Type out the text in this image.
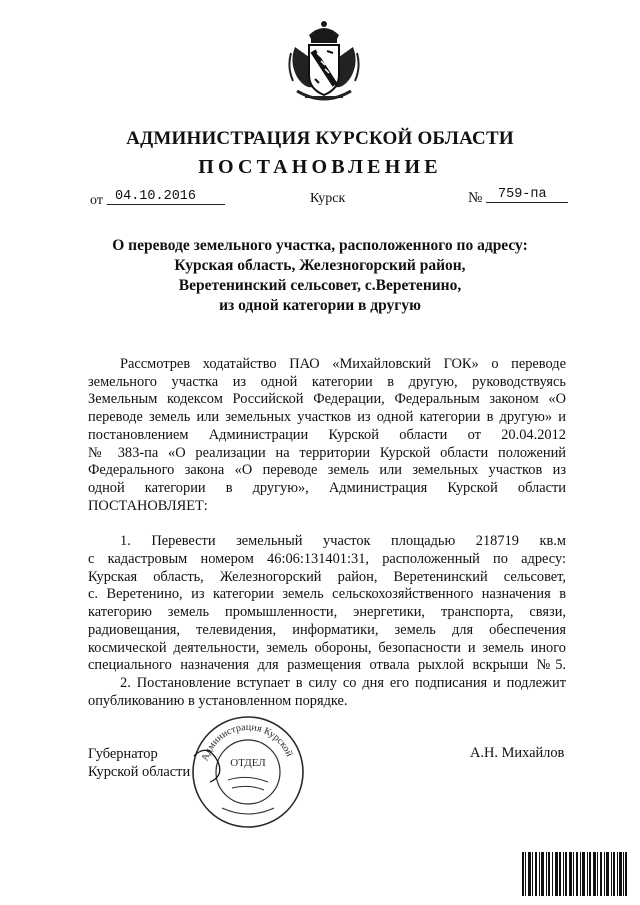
АДМИНИСТРАЦИЯ КУРСКОЙ ОБЛАСТИ
ПОСТАНОВЛЕНИЕ
от 04.10.2016	Курск	№	759-па
О переводе земельного участка, расположенного по адресу:
Курская область, Железногорский район,
Веретенинский сельсовет, с.Веретенино,
из одной категории в другую

Рассмотрев ходатайство ПАО «Михайловский ГОК» о переводе

земельного участка из одной категории в другую, руководствуясь

Земельным кодексом Российской Федерации, Федеральным законом «О

переводе земель или земельных участков из одной категории в другую» и

постановлением Администрации Курской области от 20.04.2012

№ 383-па «О реализации на территории Курской области положений

Федерального закона «О переводе земель или земельных участков из

одной категории в другую», Администрация Курской области

ПОСТАНОВЛЯЕТ:

1. Перевести земельный участок площадью 218719 кв.м

с кадастровым номером 46:06:131401:31, расположенный по адресу:

Курская область, Железногорский район, Веретенинский сельсовет,

с. Веретенино, из категории земель сельскохозяйственного назначения в

категорию земель промышленности, энергетики, транспорта, связи,

радиовещания, телевидения, информатики, земель для обеспечения

космической деятельности, земель обороны, безопасности и земель иного

специального назначения для размещения отвала рыхлой вскрыши №5.

2. Постановление вступает в силу со дня его подписания и подлежит

опубликованию в установленном порядке.

Губернатор
Курской области
А.Н. Михайлов
Администрация Курской
ОТДЕЛ
